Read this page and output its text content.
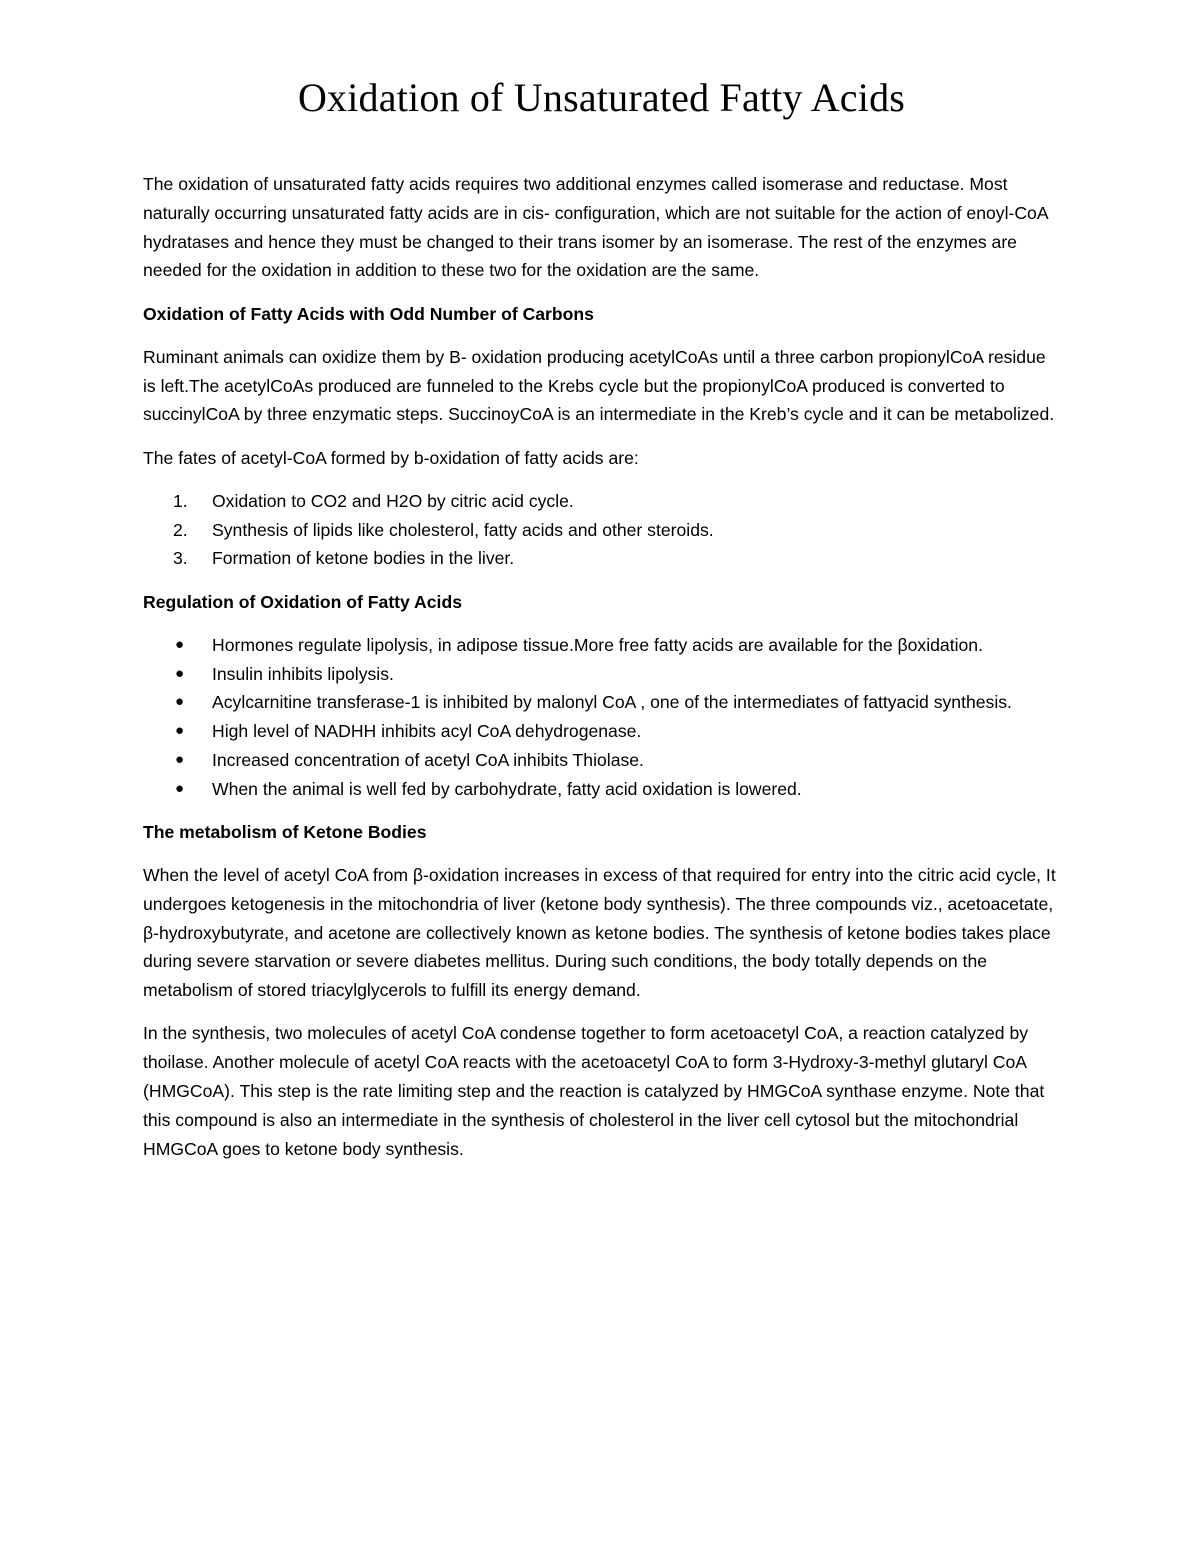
Oxidation of Unsaturated Fatty Acids

The oxidation of unsaturated fatty acids requires two additional enzymes called isomerase and reductase. Most naturally occurring unsaturated fatty acids are in cis- configuration, which are not suitable for the action of enoyl-CoA hydratases and hence they must be changed to their trans isomer by an isomerase. The rest of the enzymes are needed for the oxidation in addition to these two for the oxidation are the same.

Oxidation of Fatty Acids with Odd Number of Carbons

Ruminant animals can oxidize them by B- oxidation producing acetylCoAs until a three carbon propionylCoA residue is left.The acetylCoAs produced are funneled to the Krebs cycle but the propionylCoA produced is converted to succinylCoA by three enzymatic steps. SuccinoyCoA is an intermediate in the Kreb’s cycle and it can be metabolized.

The fates of acetyl-CoA formed by b-oxidation of fatty acids are:

1. Oxidation to CO2 and H2O by citric acid cycle.
2. Synthesis of lipids like cholesterol, fatty acids and other steroids.
3. Formation of ketone bodies in the liver.
Regulation of Oxidation of Fatty Acids
● Hormones regulate lipolysis, in adipose tissue.More free fatty acids are available for the βoxidation.
● Insulin inhibits lipolysis.
● Acylcarnitine transferase-1 is inhibited by malonyl CoA , one of the intermediates of fattyacid synthesis.
● High level of NADHH inhibits acyl CoA dehydrogenase.
● Increased concentration of acetyl CoA inhibits Thiolase.
● When the animal is well fed by carbohydrate, fatty acid oxidation is lowered.
The metabolism of Ketone Bodies

When the level of acetyl CoA from β-oxidation increases in excess of that required for entry into the citric acid cycle, It undergoes ketogenesis in the mitochondria of liver (ketone body synthesis). The three compounds viz., acetoacetate, β-hydroxybutyrate, and acetone are collectively known as ketone bodies. The synthesis of ketone bodies takes place during severe starvation or severe diabetes mellitus. During such conditions, the body totally depends on the metabolism of stored triacylglycerols to fulfill its energy demand.

In the synthesis, two molecules of acetyl CoA condense together to form acetoacetyl CoA, a reaction catalyzed by thoilase. Another molecule of acetyl CoA reacts with the acetoacetyl CoA to form 3-Hydroxy-3-methyl glutaryl CoA (HMGCoA). This step is the rate limiting step and the reaction is catalyzed by HMGCoA synthase enzyme. Note that this compound is also an intermediate in the synthesis of cholesterol in the liver cell cytosol but the mitochondrial HMGCoA goes to ketone body synthesis.
